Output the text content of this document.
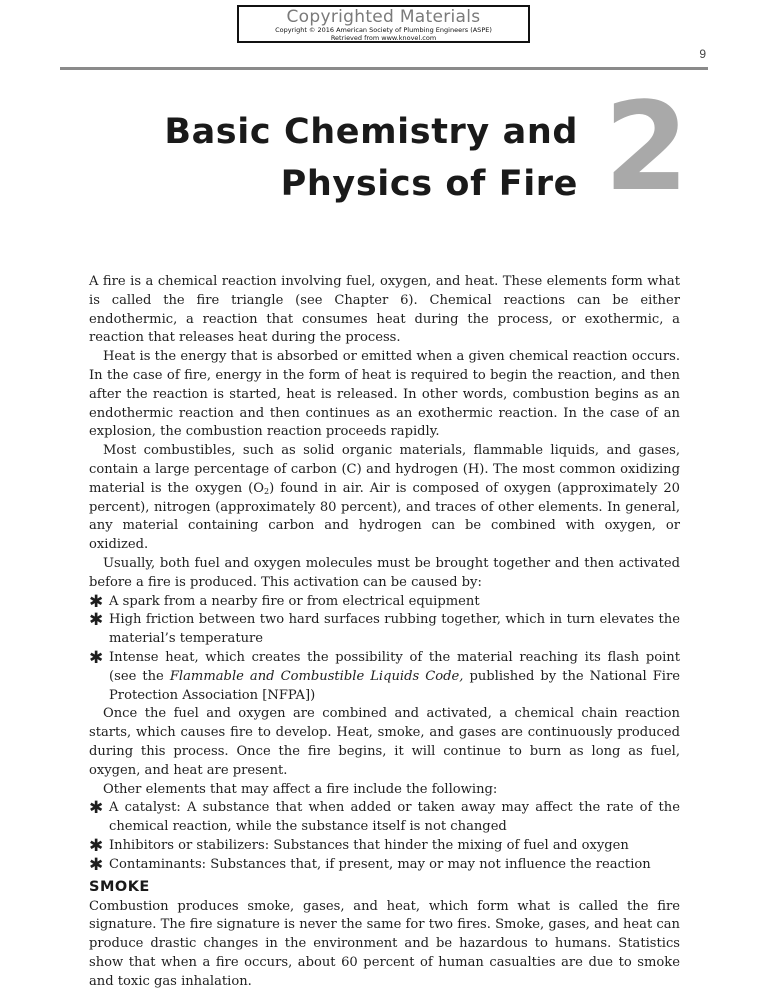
Copyrighted Materials
Copyright © 2016 American Society of Plumbing Engineers (ASPE)
Retrieved from www.knovel.com
9
Basic Chemistry and
Physics of Fire 2

A fire is a chemical reaction involving fuel, oxygen, and heat. These elements form what is called the fire triangle (see Chapter 6). Chemical reactions can be either endothermic, a reaction that consumes heat during the process, or exothermic, a reaction that releases heat during the process.

Heat is the energy that is absorbed or emitted when a given chemical reaction occurs. In the case of fire, energy in the form of heat is required to begin the reaction, and then after the reaction is started, heat is released. In other words, combustion begins as an endothermic reaction and then continues as an exothermic reaction. In the case of an explosion, the combustion reaction proceeds rapidly.

Most combustibles, such as solid organic materials, flammable liquids, and gases, contain a large percentage of carbon (C) and hydrogen (H). The most common oxidizing material is the oxygen $(O_2)$ found in air. Air is composed of oxygen (approximately 20 percent), nitrogen (approximately 80 percent), and traces of other elements. In general, any material containing carbon and hydrogen can be combined with oxygen, or oxidized.

Usually, both fuel and oxygen molecules must be brought together and then activated before a fire is produced. This activation can be caused by:

✱ A spark from a nearby fire or from electrical equipment
✱ High friction between two hard surfaces rubbing together, which in turn elevates the material’s temperature
✱ Intense heat, which creates the possibility of the material reaching its flash point (see the Flammable and Combustible Liquids Code, published by the National Fire Protection Association [NFPA])

Once the fuel and oxygen are combined and activated, a chemical chain reaction starts, which causes fire to develop. Heat, smoke, and gases are continuously produced during this process. Once the fire begins, it will continue to burn as long as fuel, oxygen, and heat are present.

Other elements that may affect a fire include the following:

✱ A catalyst: A substance that when added or taken away may affect the rate of the chemical reaction, while the substance itself is not changed
✱ Inhibitors or stabilizers: Substances that hinder the mixing of fuel and oxygen
✱ Contaminants: Substances that, if present, may or may not influence the reaction
SMOKE

Combustion produces smoke, gases, and heat, which form what is called the fire signature. The fire signature is never the same for two fires. Smoke, gases, and heat can produce drastic changes in the environment and be hazardous to humans. Statistics show that when a fire occurs, about 60 percent of human casualties are due to smoke and toxic gas inhalation.
